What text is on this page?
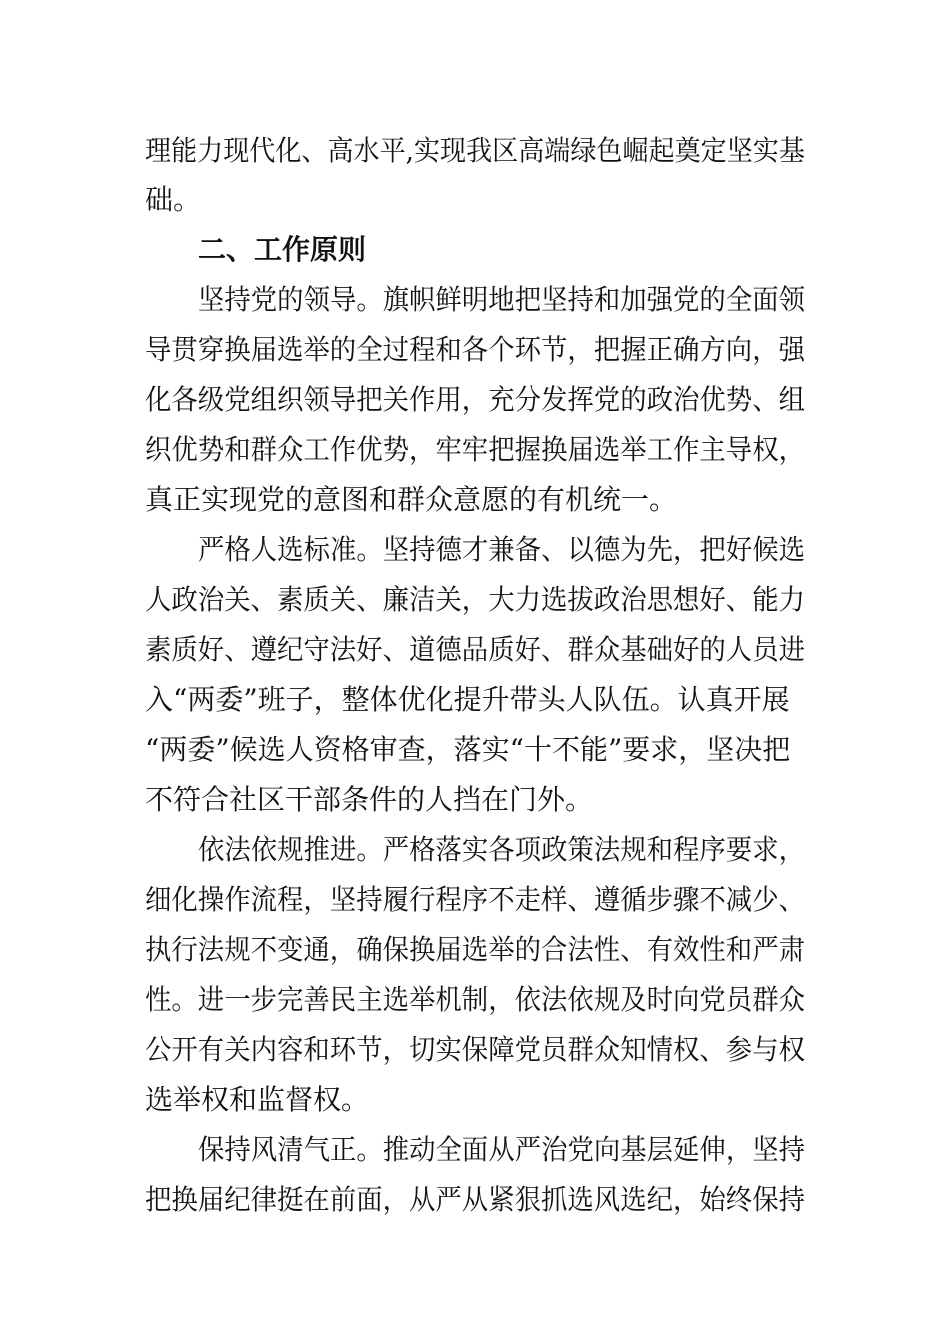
理能力现代化、高水平,实现我区高端绿色崛起奠定坚实基
础。
二、工作原则
坚持党的领导。旗帜鲜明地把坚持和加强党的全面领
导贯穿换届选举的全过程和各个环节，把握正确方向，强
化各级党组织领导把关作用，充分发挥党的政治优势、组
织优势和群众工作优势，牢牢把握换届选举工作主导权，
真正实现党的意图和群众意愿的有机统一。
严格人选标准。坚持德才兼备、以德为先，把好候选
人政治关、素质关、廉洁关，大力选拔政治思想好、能力
素质好、遵纪守法好、道德品质好、群众基础好的人员进
入“两委”班子，整体优化提升带头人队伍。认真开展
“两委”候选人资格审查，落实“十不能”要求，坚决把
不符合社区干部条件的人挡在门外。
依法依规推进。严格落实各项政策法规和程序要求，
细化操作流程，坚持履行程序不走样、遵循步骤不减少、
执行法规不变通，确保换届选举的合法性、有效性和严肃
性。进一步完善民主选举机制，依法依规及时向党员群众
公开有关内容和环节，切实保障党员群众知情权、参与权
选举权和监督权。
保持风清气正。推动全面从严治党向基层延伸，坚持
把换届纪律挺在前面，从严从紧狠抓选风选纪，始终保持
